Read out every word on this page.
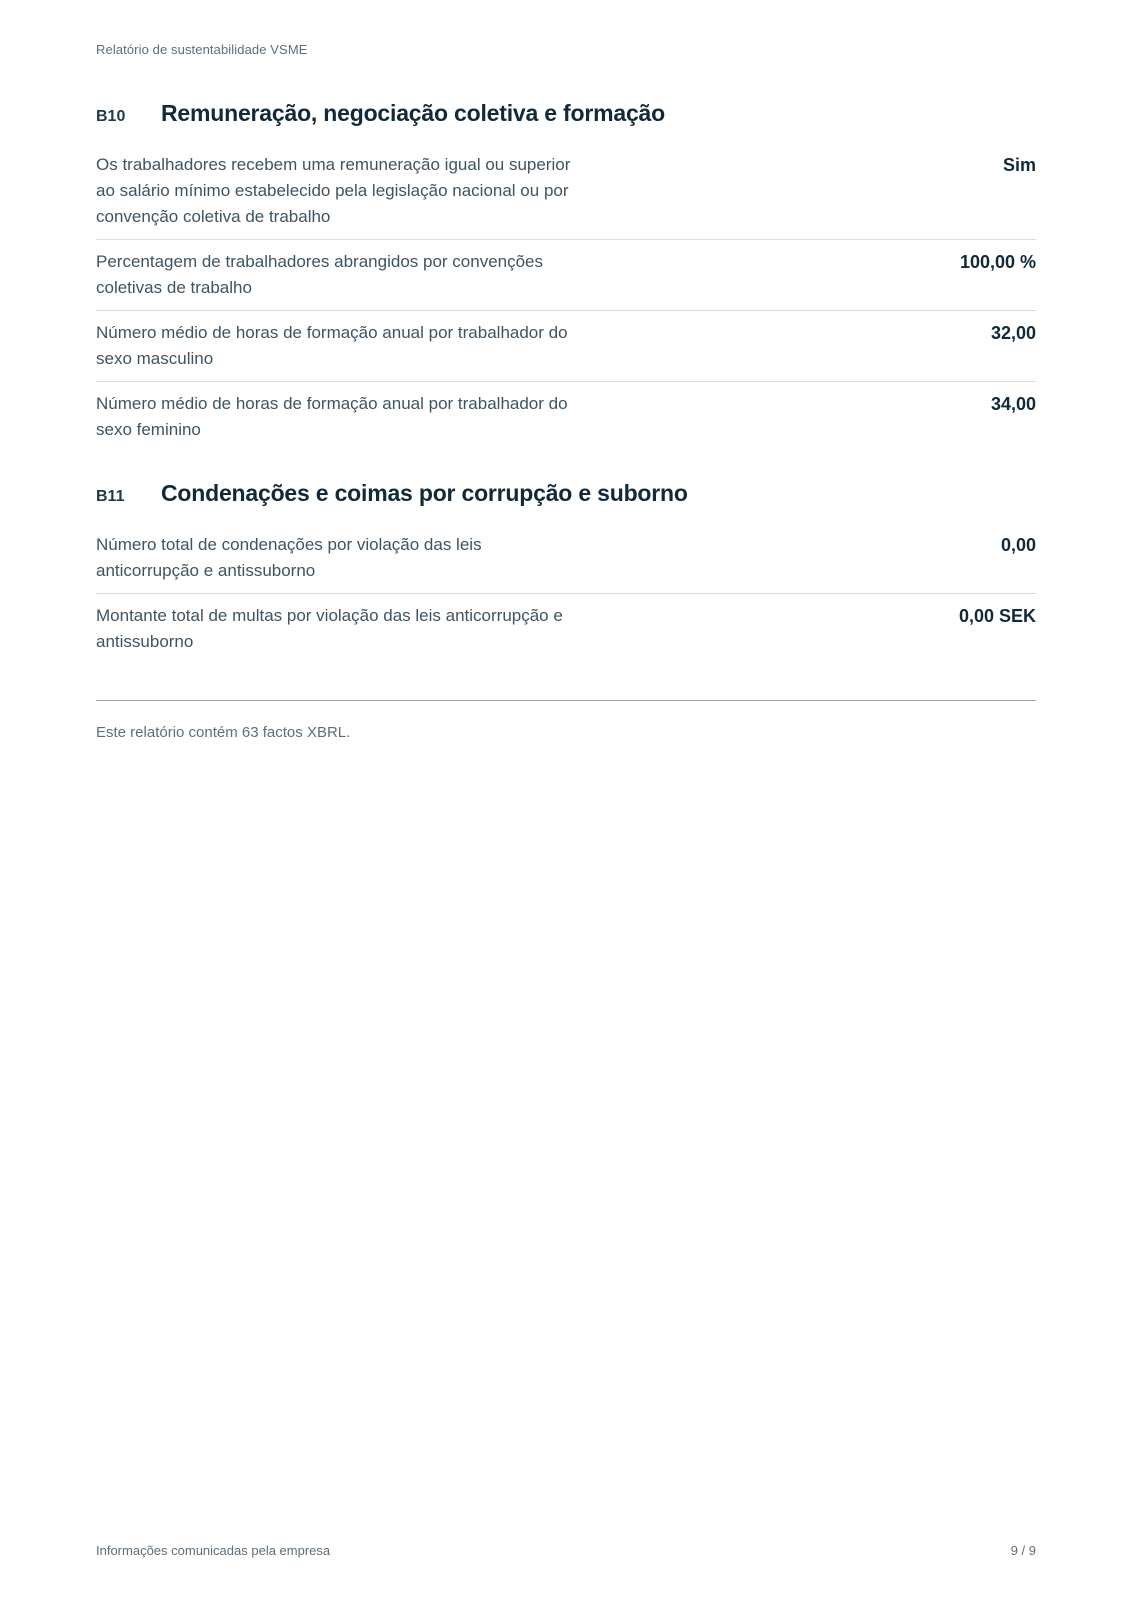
Relatório de sustentabilidade VSME
B10	Remuneração, negociação coletiva e formação
Os trabalhadores recebem uma remuneração igual ou superior ao salário mínimo estabelecido pela legislação nacional ou por convenção coletiva de trabalho
Sim
Percentagem de trabalhadores abrangidos por convenções coletivas de trabalho
100,00 %
Número médio de horas de formação anual por trabalhador do sexo masculino
32,00
Número médio de horas de formação anual por trabalhador do sexo feminino
34,00
B11	Condenações e coimas por corrupção e suborno
Número total de condenações por violação das leis anticorrupção e antissuborno
0,00
Montante total de multas por violação das leis anticorrupção e antissuborno
0,00 SEK
Este relatório contém 63 factos XBRL.
Informações comunicadas pela empresa	9 / 9
